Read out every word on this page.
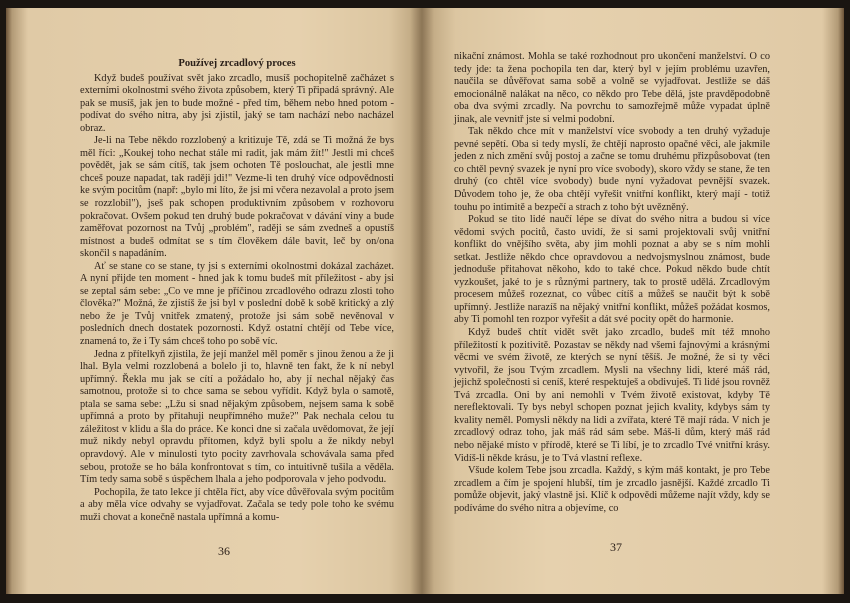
Používej zrcadlový proces

Když budeš používat svět jako zrcadlo, musíš pochopitelně začházet s externími okolnostmi svého života způsobem, který Ti připadá správný. Ale pak se musíš, jak jen to bude možné - před tím, během nebo hned potom - podívat do svého nitra, aby jsi zjistil, jaký se tam nachází nebo nacházel obraz.

Je-li na Tebe někdo rozzlobený a kritizuje Tě, zdá se Ti možná že bys měl říci: „Koukej toho nechat stále mi radit, jak mám žít!" Jestli mi chceš povědět, jak se sám cítíš, tak jsem ochoten Tě poslouchat, ale jestli mne chceš pouze napadat, tak raději jdi!" Vezme-li ten druhý více odpovědnosti ke svým pocitům (např: „bylo mi líto, že jsi mi včera nezavolal a proto jsem se rozzlobil"), jseš pak schopen produktivním způsobem v rozhovoru pokračovat. Ovšem pokud ten druhý bude pokračovat v dávání viny a bude zaměřovat pozornost na Tvůj „problém", raději se sám zvedneš a opustíš místnost a budeš odmítat se s tím člověkem dále bavit, leč by on/ona skončil s napadáním.

Ať se stane co se stane, ty jsi s externími okolnostmi dokázal zacházet. A nyní přijde ten moment - hned jak k tomu budeš mít příležitost - aby jsi se zeptal sám sebe: „Co ve mne je příčinou zrcadlového odrazu zlosti toho člověka?" Možná, že zjistíš že jsi byl v poslední době k sobě kritický a zlý nebo že je Tvůj vnitřek zmatený, protože jsi sám sobě nevěnoval v posledních dnech dostatek pozornosti. Když ostatní chtějí od Tebe více, znamená to, že i Ty sám chceš toho po sobě víc.

Jedna z přítelkyň zjistila, že její manžel měl poměr s jinou ženou a že ji lhal. Byla velmi rozzlobená a bolelo ji to, hlavně ten fakt, že k ní nebyl upřímný. Řekla mu jak se cítí a požádalo ho, aby jí nechal nějaký čas samotnou, protože si to chce sama se sebou vyřídit. Když byla o samotě, ptala se sama sebe: „Lžu si snad nějakým způsobem, nejsem sama k sobě upřímná a proto by přitahuji neupřímného muže?" Pak nechala celou tu záležitost v klidu a šla do práce. Ke konci dne si začala uvědomovat, že její muž nikdy nebyl opravdu přítomen, když byli spolu a že nikdy nebyl opravdový. Ale v minulosti tyto pocity zavrhovala schovávala sama před sebou, protože se ho bála konfrontovat s tím, co intuitivně tušila a věděla. Tím tedy sama sobě s úspěchem lhala a jeho podporovala v jeho podvodu.

Pochopila, že tato lekce jí chtěla říct, aby více důvěřovala svým pocitům a aby měla více odvahy se vyjadřovat. Začala se tedy pole toho ke svému muži chovat a konečně nastala upřímná a komu-

36

nikační známost. Mohla se také rozhodnout pro ukončení manželství. O co tedy jde: ta žena pochopila ten dar, který byl v jejím problému uzavřen, naučila se důvěřovat sama sobě a volně se vyjadřovat. Jestliže se dáš emocionálně nalákat na něco, co někdo pro Tebe dělá, jste pravděpodobně oba dva svými zrcadly. Na povrchu to samozřejmě může vypadat úplně jinak, ale vevnitř jste si velmi podobní.

Tak někdo chce mít v manželství více svobody a ten druhý vyžaduje pevné sepětí. Oba si tedy myslí, že chtějí naprosto opačné věci, ale jakmile jeden z nich změní svůj postoj a začne se tomu druhému přizpůsobovat (ten co chtěl pevný svazek je nyní pro více svobody), skoro vždy se stane, že ten druhý (co chtěl více svobody) bude nyní vyžadovat pevnější svazek. Důvodem toho je, že oba chtějí vyřešit vnitřní konflikt, který mají - totiž touhu po intimitě a bezpečí a strach z toho být uvězněný.

Pokud se tito lidé naučí lépe se dívat do svého nitra a budou si více vědomi svých pocitů, často uvidí, že si sami projektovali svůj vnitřní konflikt do vnějšího světa, aby jim mohli poznat a aby se s ním mohli setkat. Jestliže někdo chce opravdovou a nedvojsmyslnou známost, bude jednoduše přitahovat někoho, kdo to také chce. Pokud někdo bude chtít vyzkoušet, jaké to je s různými partnery, tak to prostě udělá. Zrcadlovým procesem můžeš rozeznat, co vůbec cítíš a můžeš se naučit být k sobě upřímný. Jestliže narazíš na nějaký vnitřní konflikt, můžeš požádat kosmos, aby Ti pomohl ten rozpor vyřešit a dát své pocity opět do harmonie.

Když budeš chtít vidět svět jako zrcadlo, budeš mít též mnoho příležitostí k pozitivitě. Pozastav se někdy nad všemi fajnovými a krásnými věcmi ve svém životě, ze kterých se nyní těšíš. Je možné, že si ty věci vytvořil, že jsou Tvým zrcadlem. Mysli na všechny lidi, které máš rád, jejichž společnosti si ceníš, které respektuješ a obdivuješ. Ti lidé jsou rovněž Tvá zrcadla. Oni by ani nemohli v Tvém životě existovat, kdyby Tě nereflektovali. Ty bys nebyl schopen poznat jejich kvality, kdybys sám ty kvality neměl. Pomysli někdy na lidi a zvířata, které Tě mají ráda. V nich je zrcadlový odraz toho, jak máš rád sám sebe. Máš-li dům, který máš rád nebo nějaké místo v přírodě, které se Ti líbí, je to zrcadlo Tvé vnitřní krásy. Vidíš-li někde krásu, je to Tvá vlastní reflexe.

Všude kolem Tebe jsou zrcadla. Každý, s kým máš kontakt, je pro Tebe zrcadlem a čím je spojení hlubší, tím je zrcadlo jasnější. Každé zrcadlo Ti pomůže objevit, jaký vlastně jsi. Klíč k odpovědi můžeme najít vždy, kdy se podíváme do svého nitra a objevíme, co

37
